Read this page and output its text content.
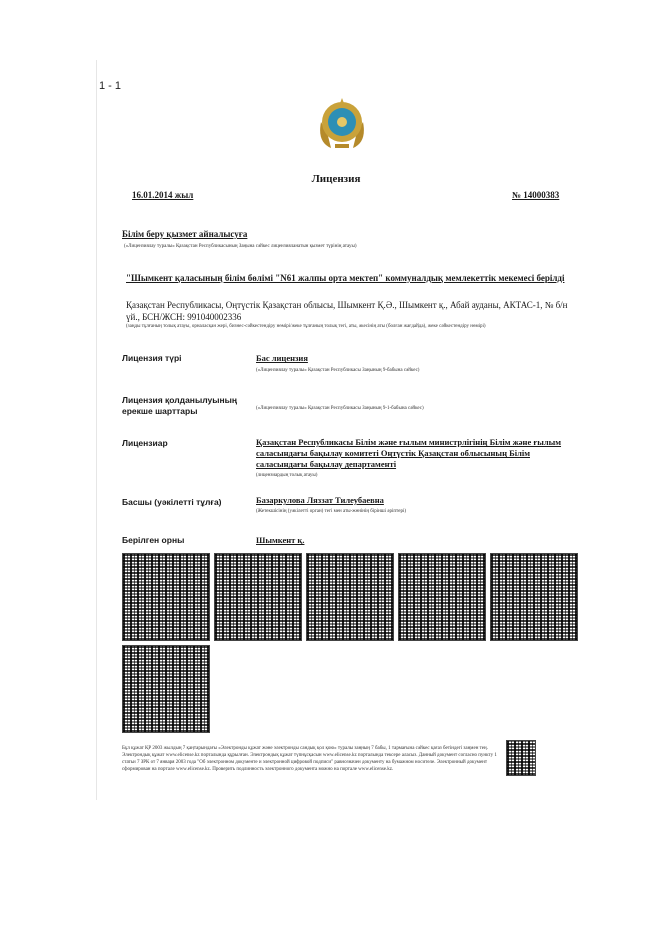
1 - 1
Лицензия
16.01.2014 жыл	№ 14000383
Білім беру қызмет айналысуға
(«Лицензиялау туралы» Қазақстан Республикасының Заңына сәйкес лицензияланатын қызмет түрінің атауы)
"Шымкент қаласының білім бөлімі "N61 жалпы орта мектеп" коммуналдық мемлекеттік мекемесі берілді
Қазақстан Республикасы, Оңтүстік Қазақстан облысы, Шымкент Қ.Ә., Шымкент қ., Абай ауданы, АКТАС-1, № б/н үй., БСН/ЖСН: 991040002336
(заңды тұлғаның толық атауы, орналасқан жері, бизнес-сәйкестендіру нөмірі/жеке тұлғаның толық тегі, аты, әкесінің аты (болған жағдайда), жеке сәйкестендіру нөмірі)
Лицензия түрі	Бас лицензия
(«Лицензиялау туралы» Қазақстан Республикасы Заңының 9-бабына сәйкес)
Лицензия қолданылуының ерекше шарттары	(«Лицензиялау туралы» Қазақстан Республикасы Заңының 9-1-бабына сәйкес)
Лицензиар	Қазақстан Республикасы Білім және ғылым министрлігінің Білім және ғылым саласындағы бақылау комитеті Оңтүстік Қазақстан облысының Білім саласындағы бақылау департаменті
(лицензиардың толық атауы)
Басшы (уәкілетті тұлға)	Базаркулова Ляззат Тилеубаевна
(Жетекшісінің (уәкілетті орган) тегі мен аты-жөнінің бірінші әріптері)
Берілген орны	Шымкент қ.
Бұл құжат ҚР 2003 жылдың 7 қаңтарындағы «Электронды құжат және электронды сандық қол қою» туралы заңның 7 бабы, 1 тармағына сәйкес қағаз бетіндегі заңмен тең. Электрондық құжат www.elicense.kz порталында құрылған. Электрондық құжат түпнұсқасын www.elicense.kz порталында тексере аласыз. Данный документ согласно пункту 1 статьи 7 ЗРК от 7 января 2003 года "Об электронном документе и электронной цифровой подписи" равнозначен документу на бумажном носителе. Электронный документ сформирован на портале www.elicense.kz. Проверить подлинность электронного документа можно на портале www.elicense.kz.
